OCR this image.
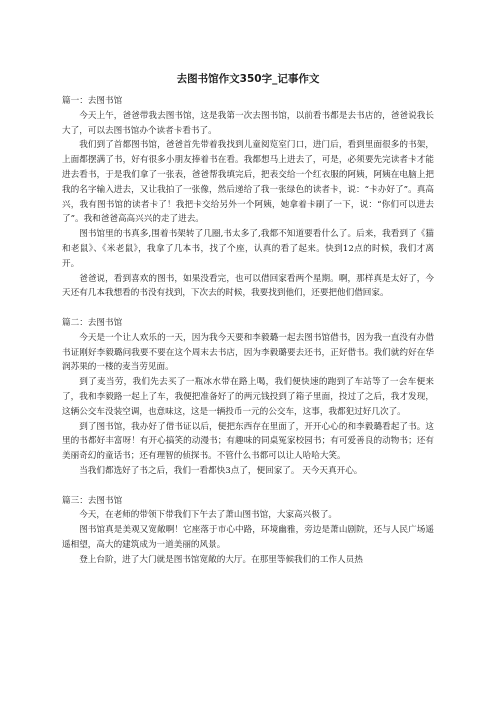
去图书馆作文350字_记事作文

篇一：去图书馆

今天上午，爸爸带我去图书馆，这是我第一次去图书馆，以前看书都是去书店的，爸爸说我长大了，可以去图书馆办个读者卡看书了。

我们到了首都图书馆，爸爸首先带着我找到儿童阅览室门口，进门后，看到里面很多的书架，上面都摆满了书，好有很多小朋友捧着书在看。我都想马上进去了，可是，必须要先完读者卡才能进去看书，于是我们拿了一张表，爸爸帮我填完后，把表交给一个红衣服的阿姨，阿姨在电脑上把我的名字输入进去，又让我拍了一张像，然后递给了我一张绿色的读者卡，说：“卡办好了”。真高兴，我有图书馆的读者卡了！我把卡交给另外一个阿姨，她拿着卡刷了一下，说：“你们可以进去了”。我和爸爸高高兴兴的走了进去。

图书馆里的书真多,围着书架转了几圈,书太多了,我都不知道要看什么了。后来，我看到了《猫和老鼠》、《米老鼠》，我拿了几本书，找了个座，认真的看了起来。快到12点的时候，我们才离开。

爸爸说，看到喜欢的图书，如果没看完，也可以借回家看两个星期。啊，那样真是太好了，今天还有几本我想看的书没有找到，下次去的时候，我要找到他们，还要把他们借回家。

篇二：去图书馆

今天是一个让人欢乐的一天，因为我今天要和李毅璐一起去图书馆借书，因为我一直没有办借书证刚好李毅璐问我要不要在这个周末去书店，因为李毅璐要去还书，正好借书。我们就约好在华润苏果的一楼的麦当劳见面。

到了麦当劳，我们先去买了一瓶冰水带在路上喝，我们便快速的跑到了车站等了一会车便来了，我和李毅路一起上了车，我便把准备好了的两元钱投到了箱子里面，投过了之后，我才发现，这辆公交车没装空调，也意味这，这是一辆投币一元的公交车，这事，我都犯过好几次了。

到了图书馆，我办好了借书证以后，便把东西存在里面了，开开心心的和李毅璐看起了书。这里的书都好丰富呀！有开心搞笑的动漫书；有趣味的同桌冤家校园书；有可爱善良的动物书；还有美丽奇幻的童话书；还有理智的侦探书。不管什么书都可以让人哈哈大笑。

当我们都选好了书之后，我们一看都快3点了，便回家了。 天今天真开心。

篇三：去图书馆

今天，在老师的带领下带我们下午去了萧山图书馆，大家高兴极了。

图书馆真是美观又宽敞啊！它座落于市心中路，环境幽雅，旁边是萧山剧院，还与人民广场遥遥相望，高大的建筑成为一道美丽的风景。

登上台阶，进了大门就是图书馆宽敞的大厅。在那里等候我们的工作人员热
